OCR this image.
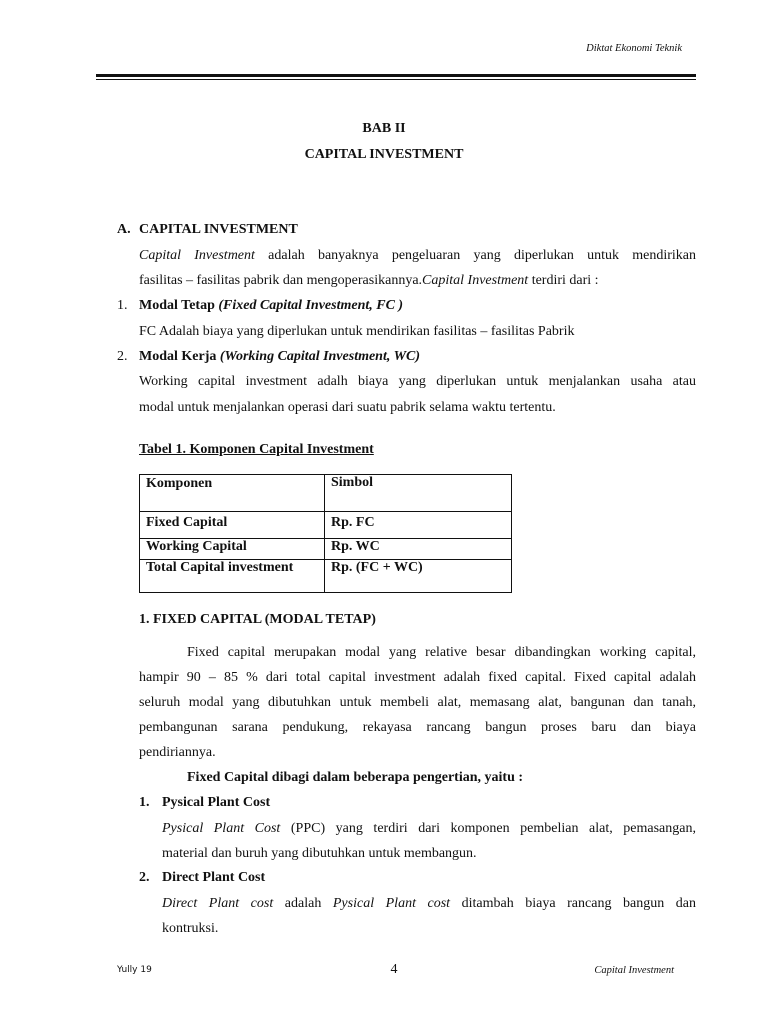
Diktat Ekonomi Teknik
BAB II
CAPITAL INVESTMENT
A. CAPITAL INVESTMENT
Capital Investment adalah banyaknya pengeluaran yang diperlukan untuk mendirikan
fasilitas – fasilitas pabrik dan mengoperasikannya.Capital Investment terdiri dari :
1. Modal Tetap (Fixed Capital Investment, FC )
FC Adalah biaya yang diperlukan untuk mendirikan fasilitas – fasilitas Pabrik
2. Modal Kerja (Working Capital Investment, WC)
Working capital investment adalh biaya yang diperlukan untuk menjalankan usaha atau
modal untuk menjalankan operasi dari suatu pabrik selama waktu tertentu.
Tabel 1. Komponen Capital Investment
Komponen	Simbol
Fixed Capital	Rp. FC
Working Capital	Rp. WC
Total Capital investment	Rp. (FC + WC)
1. FIXED CAPITAL (MODAL TETAP)
Fixed capital merupakan modal yang relative besar dibandingkan working capital,
hampir 90 – 85 % dari total capital investment adalah fixed capital. Fixed capital adalah
seluruh modal yang dibutuhkan untuk membeli alat, memasang alat, bangunan dan tanah,
pembangunan sarana pendukung, rekayasa rancang bangun proses baru dan biaya
pendiriannya.
Fixed Capital dibagi dalam beberapa pengertian, yaitu :
1. Pysical Plant Cost
Pysical Plant Cost (PPC) yang terdiri dari komponen pembelian alat, pemasangan,
material dan buruh yang dibutuhkan untuk membangun.
2. Direct Plant Cost
Direct Plant cost adalah Pysical Plant cost ditambah biaya rancang bangun dan
kontruksi.
Yully 19	4	Capital Investment
